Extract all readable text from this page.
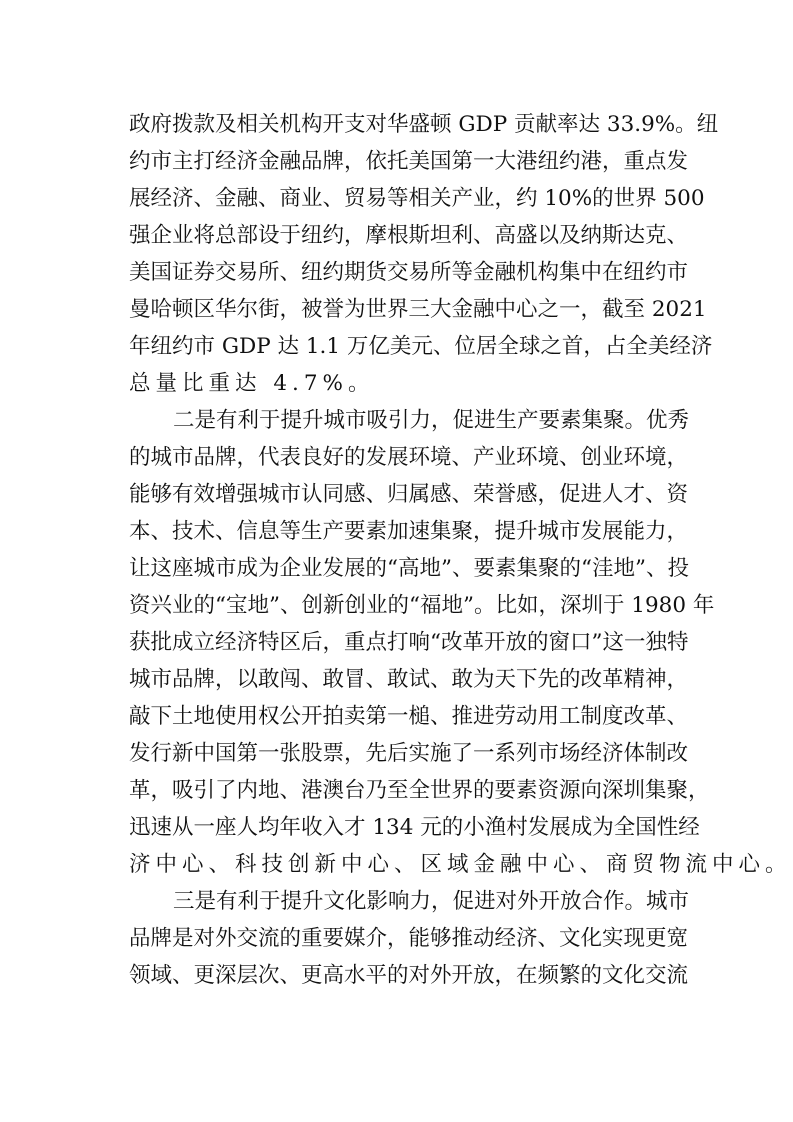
政府拨款及相关机构开支对华盛顿 GDP 贡献率达 33.9%。纽
约市主打经济金融品牌，依托美国第一大港纽约港，重点发
展经济、金融、商业、贸易等相关产业，约 10%的世界 500
强企业将总部设于纽约，摩根斯坦利、高盛以及纳斯达克、
美国证券交易所、纽约期货交易所等金融机构集中在纽约市
曼哈顿区华尔街，被誉为世界三大金融中心之一，截至 2021
年纽约市 GDP 达 1.1 万亿美元、位居全球之首，占全美经济
总量比重达 4.7%。
二是有利于提升城市吸引力，促进生产要素集聚。优秀
的城市品牌，代表良好的发展环境、产业环境、创业环境，
能够有效增强城市认同感、归属感、荣誉感，促进人才、资
本、技术、信息等生产要素加速集聚，提升城市发展能力，
让这座城市成为企业发展的“高地”、要素集聚的“洼地”、投
资兴业的“宝地”、创新创业的“福地”。比如，深圳于 1980 年
获批成立经济特区后，重点打响“改革开放的窗口”这一独特
城市品牌，以敢闯、敢冒、敢试、敢为天下先的改革精神，
敲下土地使用权公开拍卖第一槌、推进劳动用工制度改革、
发行新中国第一张股票，先后实施了一系列市场经济体制改
革，吸引了内地、港澳台乃至全世界的要素资源向深圳集聚，
迅速从一座人均年收入才 134 元的小渔村发展成为全国性经
济中心、科技创新中心、区域金融中心、商贸物流中心。
三是有利于提升文化影响力，促进对外开放合作。城市
品牌是对外交流的重要媒介，能够推动经济、文化实现更宽
领域、更深层次、更高水平的对外开放，在频繁的文化交流
